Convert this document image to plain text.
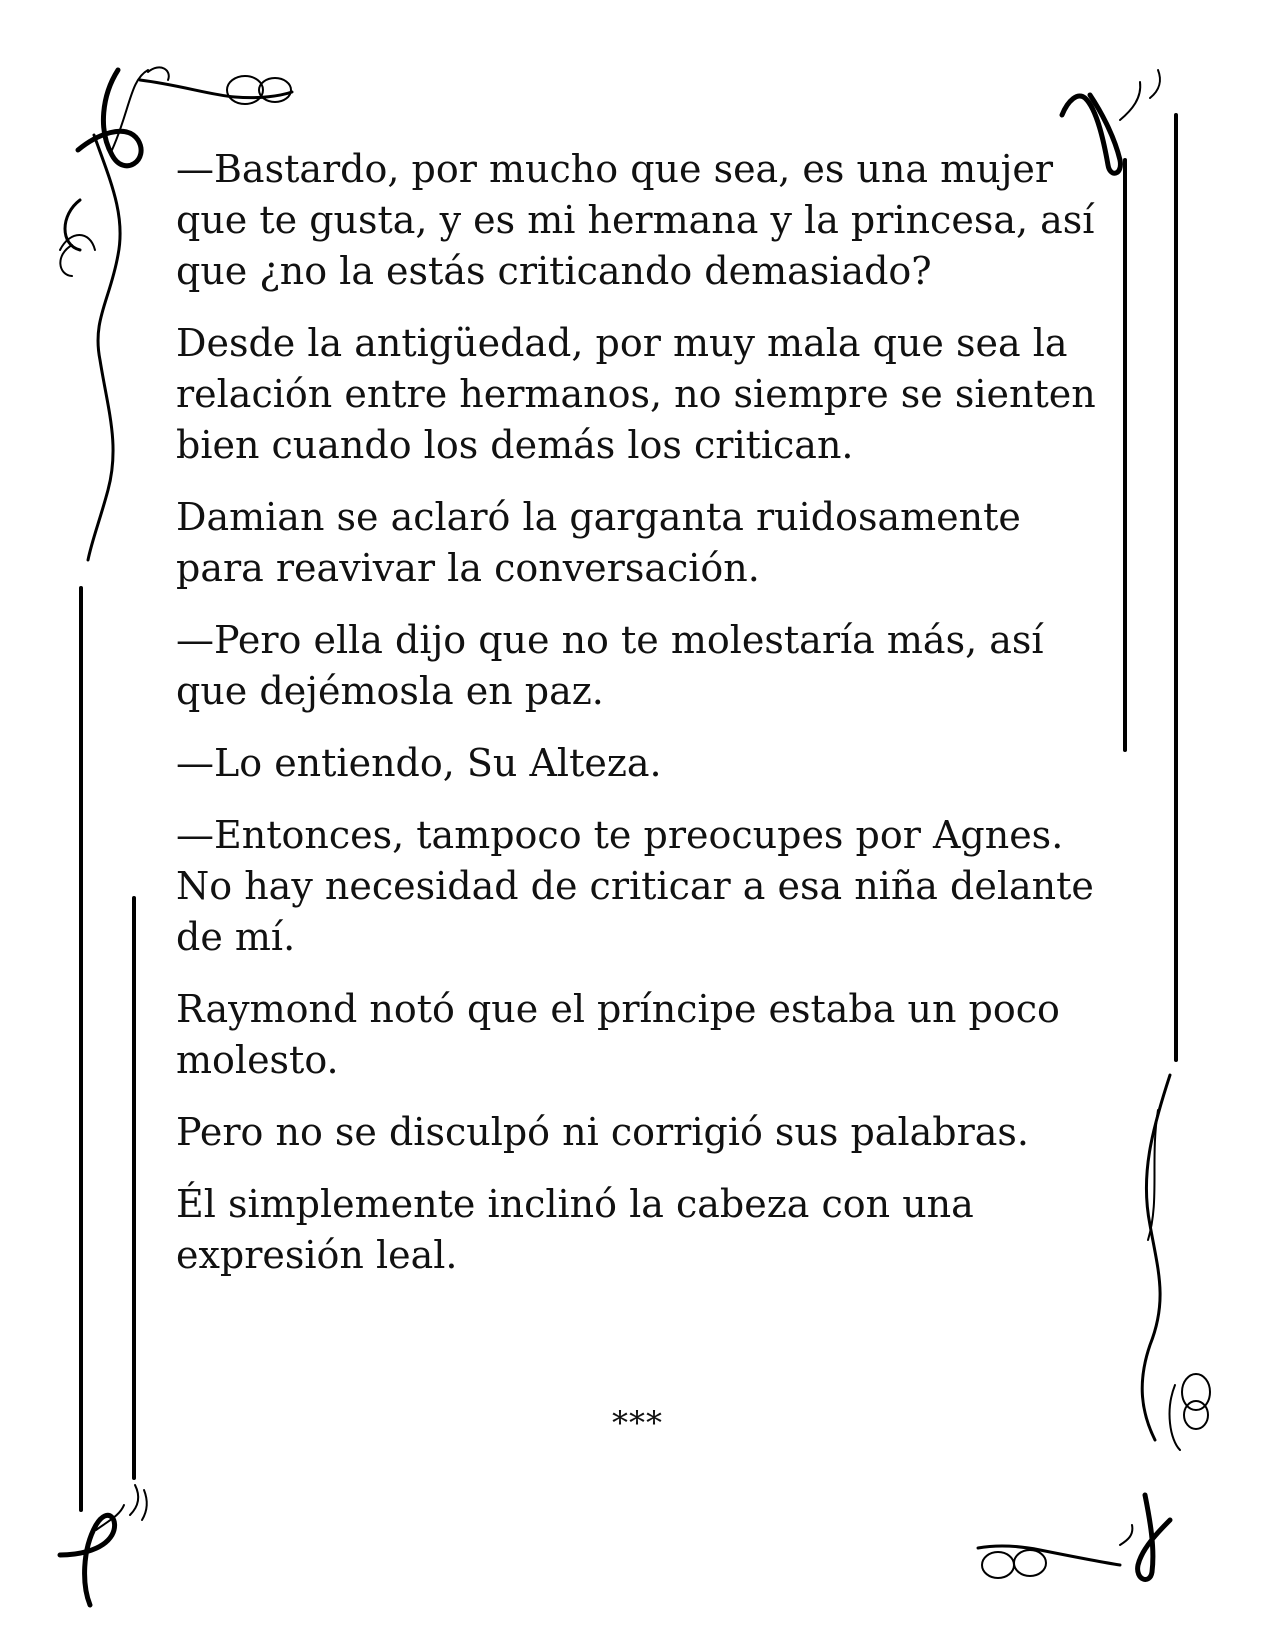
—Bastardo, por mucho que sea, es una mujer
que te gusta, y es mi hermana y la princesa, así
que ¿no la estás criticando demasiado?

Desde la antigüedad, por muy mala que sea la
relación entre hermanos, no siempre se sienten
bien cuando los demás los critican.

Damian se aclaró la garganta ruidosamente
para reavivar la conversación.

—Pero ella dijo que no te molestaría más, así
que dejémosla en paz.

—Lo entiendo, Su Alteza.

—Entonces, tampoco te preocupes por Agnes.
No hay necesidad de criticar a esa niña delante
de mí.

Raymond notó que el príncipe estaba un poco
molesto.

Pero no se disculpó ni corrigió sus palabras.

Él simplemente inclinó la cabeza con una
expresión leal.

***
